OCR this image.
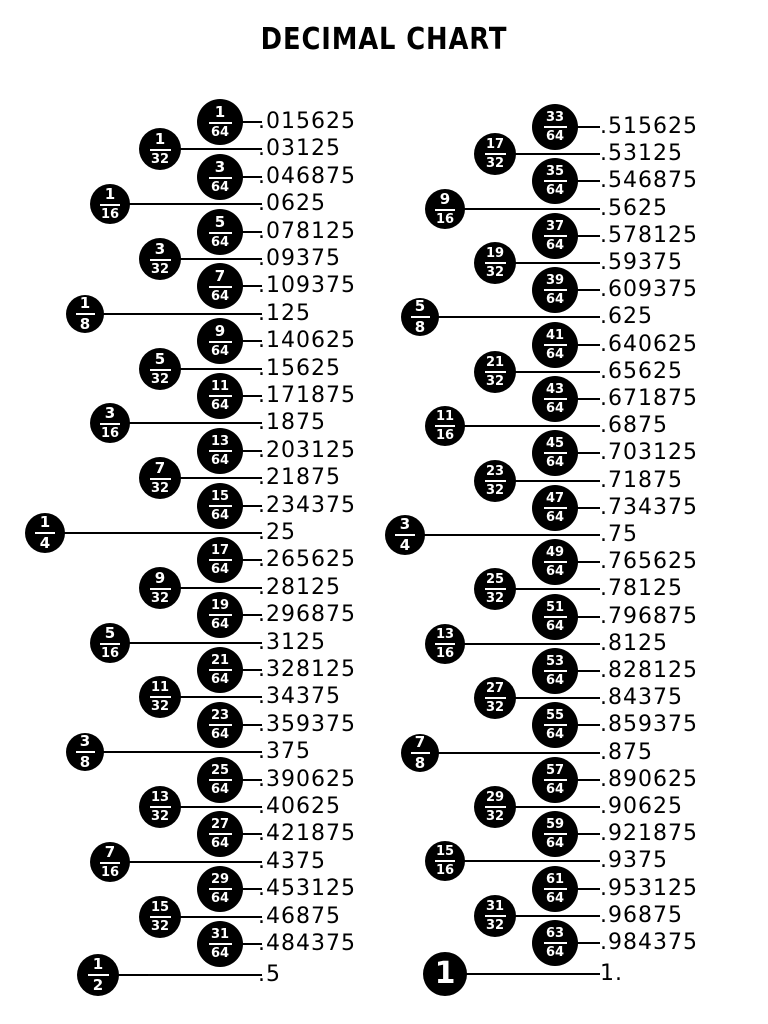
DECIMAL CHART
1
64 .015625
1
32	.03125
3
64 .046875
1
16	.0625
5
64 .078125
3
32	.09375
7
64 .109375
1
8	.125
9
64 .140625
5
32	.15625
11
64 .171875
3
16	.1875
13
64 .203125
7
32	.21875
15
64 .234375
1
4	.25
17
64 .265625
9
32	.28125
19
64 .296875
5
16	.3125
21
64 .328125
11
32	.34375
23
64 .359375
3
8	.375
25
64 .390625
13
32	.40625
27
64 .421875
7
16	.4375
29
64 .453125
15
32	.46875
31
64 .484375
1
2	.5
33
64 .515625
17
32	.53125
35
64 .546875
9
16	.5625
37
64 .578125
19
32	.59375
39
64 .609375
5
8	.625
41
64 .640625
21
32	.65625
43
64 .671875
11
16	.6875
45
64 .703125
23
32	.71875
47
64 .734375
3
4	.75
49
64 .765625
25
32	.78125
51
64 .796875
13
16	.8125
53
64 .828125
27
32	.84375
55
64 .859375
7
8	.875
57
64 .890625
29
32	.90625
59
64 .921875
15
16	.9375
61
64 .953125
31
32	.96875
63
64 .984375
1	1.
